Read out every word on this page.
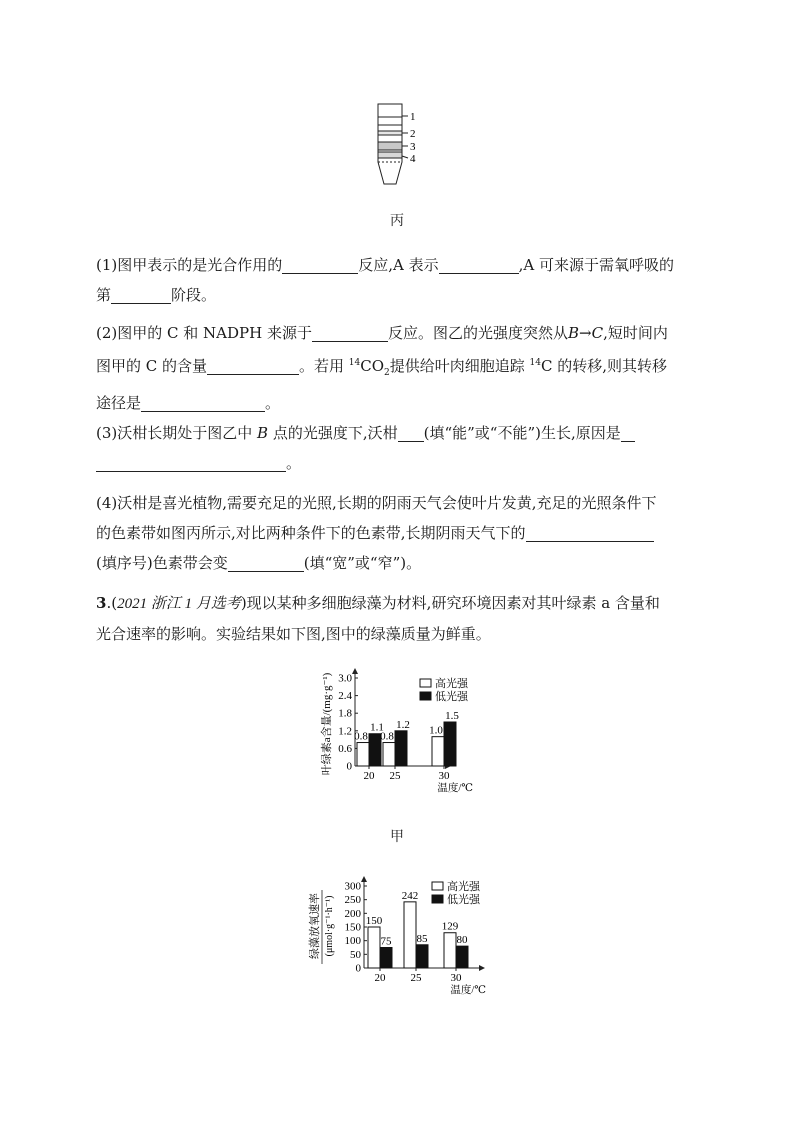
1
2
3
4
丙
(1)图甲表示的是光合作用的	反应,A 表示	,A 可来源于需氧呼吸的
第	阶段。
(2)图甲的 C 和 NADPH 来源于	反应。图乙的光强度突然从B→C,短时间内
图甲的 C 的含量	。若用 $^{14}CO_2$提供给叶肉细胞追踪 $^{14}$C 的转移,则其转移
途径是	。
(3)沃柑长期处于图乙中 B 点的光强度下,沃柑 (填“能”或“不能”)生长,原因是
。
(4)沃柑是喜光植物,需要充足的光照,长期的阴雨天气会使叶片发黄,充足的光照条件下
的色素带如图丙所示,对比两种条件下的色素带,长期阴雨天气下的
(填序号)色素带会变	(填“宽”或“窄”)。
3.(2021 浙江 1 月选考)现以某种多细胞绿藻为材料,研究环境因素对其叶绿素 a 含量和
光合速率的影响。实验结果如下图,图中的绿藻质量为鲜重。
0
0.6
1.2
1.8
2.4
3.0
0.8
1.1
20
0.8
1.2
25
1.0
1.5
30
温度/℃
高光强
低光强
叶绿素a含量/(mg·g⁻¹)
甲
0
50
100
150
200
250
300
150
75
20
242
85
25
129
80
30
温度/℃
高光强
低光强
绿藻放氧速率 (μmol·g⁻¹·h⁻¹)
